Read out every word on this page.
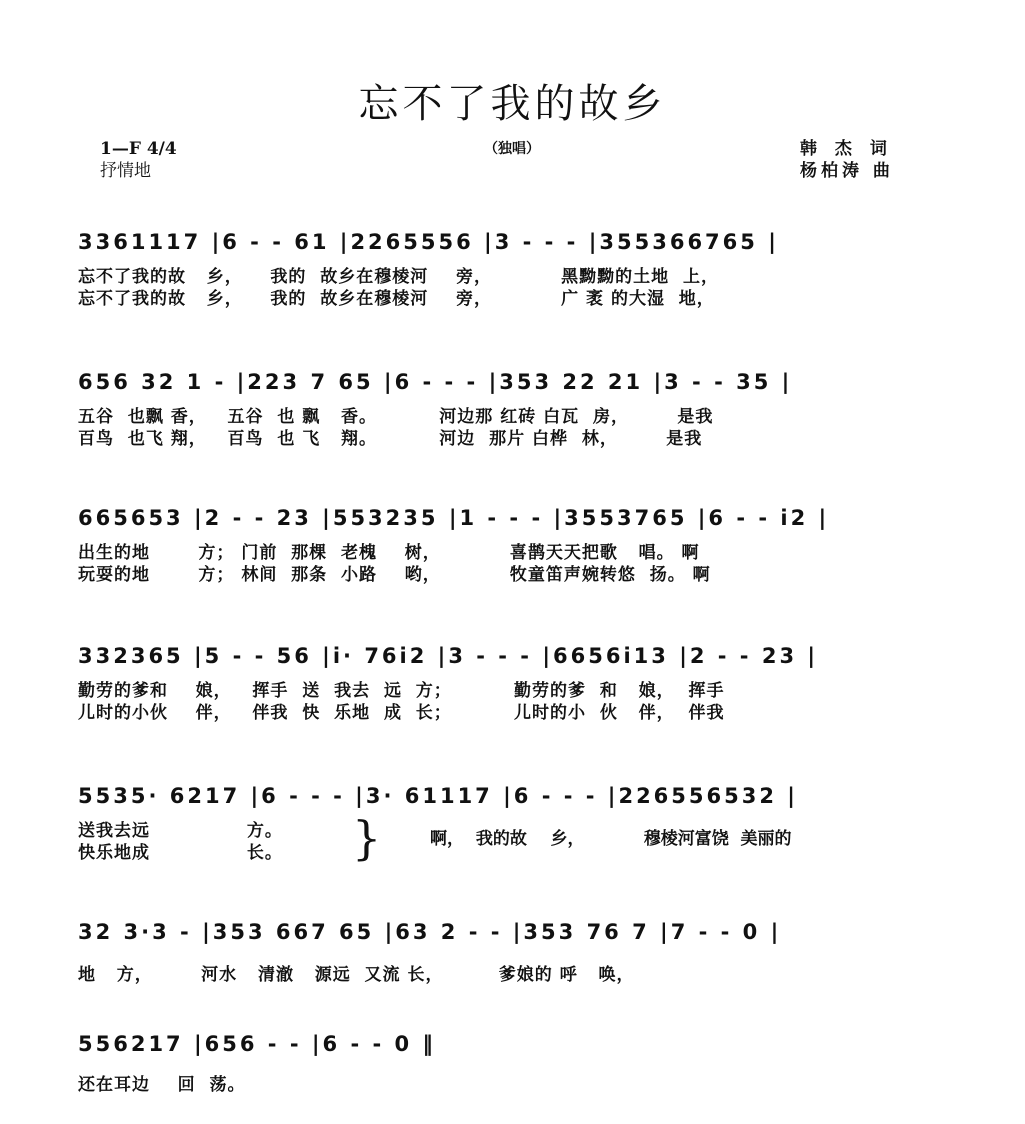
忘不了我的故乡
1—F 4/4
抒情地
（独唱）	韩 杰 词
杨柏涛 曲
3361117 |6 - - 61 |2265556 |3 - - - |355366765 |
忘不了我的故   乡，    我的  故乡在穆棱河    旁，          黑黝黝的土地  上，
忘不了我的故   乡，    我的  故乡在穆棱河    旁，          广 袤 的大湿  地，
656 32 1 - |223 7 65 |6 - - - |353 22 21 |3 - - 35 |
五谷  也飘 香，   五谷  也 飘   香。         河边那 红砖 白瓦  房，       是我
百鸟  也飞 翔，   百鸟  也 飞   翔。         河边  那片 白桦  林，       是我
665653 |2 - - 23 |553235 |1 - - - |3553765 |6 - - i2 |
出生的地       方； 门前  那棵  老槐    树，          喜鹊天天把歌   唱。 啊
玩耍的地       方； 林间  那条  小路    哟，          牧童笛声婉转悠  扬。 啊
332365 |5 - - 56 |i· 76i2 |3 - - - |6656i13 |2 - - 23 |
勤劳的爹和    娘，   挥手  送  我去  远  方；         勤劳的爹  和   娘，  挥手
儿时的小伙    伴，   伴我  快  乐地  成  长；         儿时的小  伙   伴，  伴我
5535· 6217 |6 - - - |3· 61117 |6 - - - |226556532 |
送我去远              方。
快乐地成              长。	}	啊，  我的故    乡，          穆棱河富饶  美丽的
32 3·3 - |353 667 65 |63 2 - - |353 76 7 |7 - - 0 |
地   方，       河水   清澈   源远  又流 长，        爹娘的 呼   唤，
556217 |656 - - |6 - - 0 ‖
还在耳边    回  荡。
